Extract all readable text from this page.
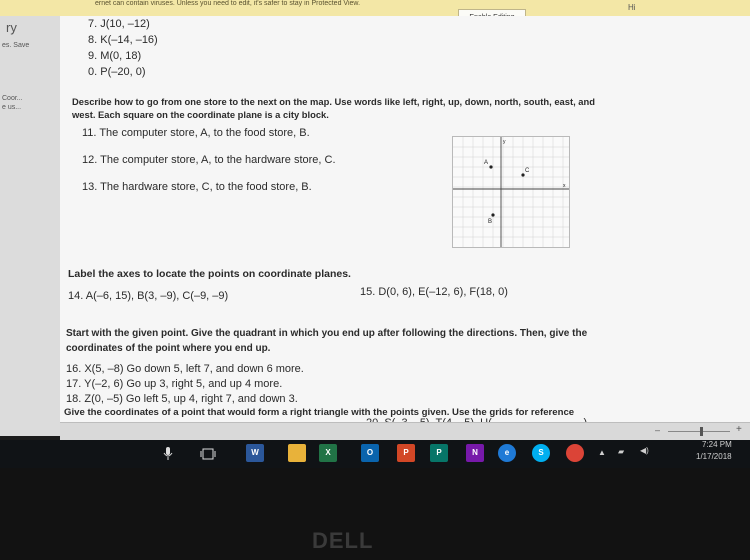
ernet can contain viruses. Unless you need to edit, it's safer to stay in Protected View.	Hi
ry
es. Save
Coor...
e us...
7. J(10, –12)
8. K(–14, –16)
9. M(0, 18)
0. P(–20, 0)
Describe how to go from one store to the next on the map. Use words like left, right, up, down, north, south, east, and
west. Each square on the coordinate plane is a city block.
11. The computer store, A, to the food store, B.
12. The computer store, A, to the hardware store, C.
13. The hardware store, C, to the food store, B.
A
B
C
y
x
Label the axes to locate the points on coordinate planes.
14. A(–6, 15), B(3, –9), C(–9, –9)	15. D(0, 6), E(–12, 6), F(18, 0)
Start with the given point. Give the quadrant in which you end up after following the directions. Then, give the
coordinates of the point where you end up.
16. X(5, –8) Go down 5, left 7, and down 6 more.
17. Y(–2, 6) Go up 3, right 5, and up 4 more.
18. Z(0, –5) Go left 5, up 4, right 7, and down 3.
Give the coordinates of a point that would form a right triangle with the points given. Use the grids for reference
–	+
W	X	O	P	P	N	e	S	▲ ▰ ◀)
7:24 PM
1/17/2018
DELL
